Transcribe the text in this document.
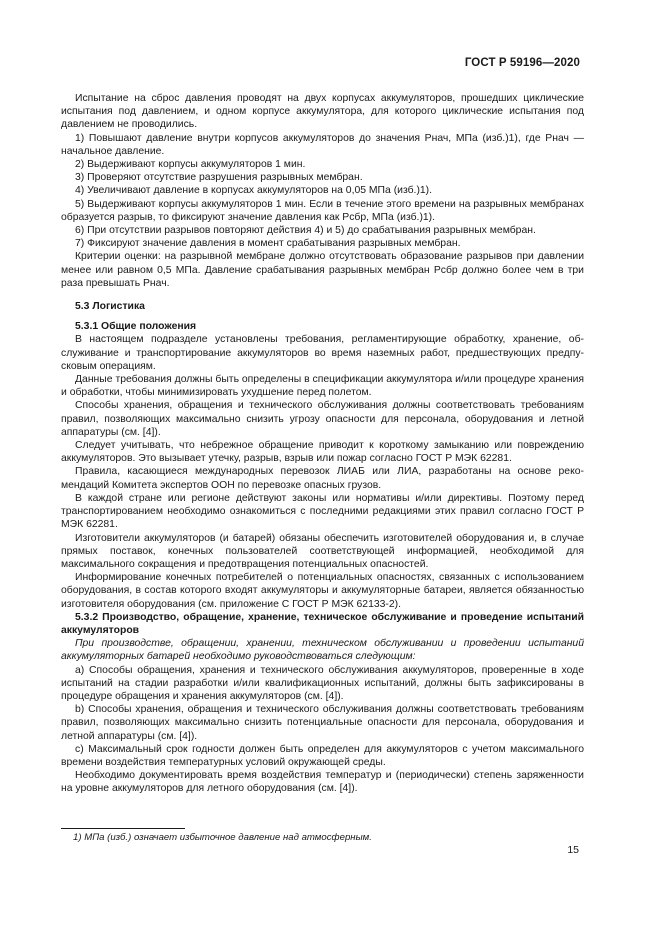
ГОСТ Р 59196—2020

Испытание на сброс давления проводят на двух корпусах аккумуляторов, прошедших циклические испытания под давлением, и одном корпусе аккумулятора, для которого циклические испытания под давлением не проводились.

1) Повышают давление внутри корпусов аккумуляторов до значения Pнач, МПа (изб.)1), где Pнач — начальное давление.

2) Выдерживают корпусы аккумуляторов 1 мин.

3) Проверяют отсутствие разрушения разрывных мембран.

4) Увеличивают давление в корпусах аккумуляторов на 0,05 МПа (изб.)1).

5) Выдерживают корпусы аккумуляторов 1 мин. Если в течение этого времени на разрывных мембранах образуется разрыв, то фиксируют значение давления как Pсбр, МПа (изб.)1).

6) При отсутствии разрывов повторяют действия 4) и 5) до срабатывания разрывных мембран.

7) Фиксируют значение давления в момент срабатывания разрывных мембран.

Критерии оценки: на разрывной мембране должно отсутствовать образование разрывов при давлении менее или равном 0,5 МПа. Давление срабатывания разрывных мембран Pсбр должно более чем в три раза превышать Pнач.

5.3 Логистика

5.3.1 Общие положения

В настоящем подразделе установлены требования, регламентирующие обработку, хранение, обслуживание и транспортирование аккумуляторов во время наземных работ, предшествующих предпусковым операциям.

Данные требования должны быть определены в спецификации аккумулятора и/или процедуре хранения и обработки, чтобы минимизировать ухудшение перед полетом.

Способы хранения, обращения и технического обслуживания должны соответствовать требованиям правил, позволяющих максимально снизить угрозу опасности для персонала, оборудования и летной аппаратуры (см. [4]).

Следует учитывать, что небрежное обращение приводит к короткому замыканию или повреждению аккумуляторов. Это вызывает утечку, разрыв, взрыв или пожар согласно ГОСТ Р МЭК 62281.

Правила, касающиеся международных перевозок ЛИАБ или ЛИА, разработаны на основе рекомендаций Комитета экспертов ООН по перевозке опасных грузов.

В каждой стране или регионе действуют законы или нормативы и/или директивы. Поэтому перед транспортированием необходимо ознакомиться с последними редакциями этих правил согласно ГОСТ Р МЭК 62281.

Изготовители аккумуляторов (и батарей) обязаны обеспечить изготовителей оборудования и, в случае прямых поставок, конечных пользователей соответствующей информацией, необходимой для максимального сокращения и предотвращения потенциальных опасностей.

Информирование конечных потребителей о потенциальных опасностях, связанных с использованием оборудования, в состав которого входят аккумуляторы и аккумуляторные батареи, является обязанностью изготовителя оборудования (см. приложение С ГОСТ Р МЭК 62133-2).

5.3.2 Производство, обращение, хранение, техническое обслуживание и проведение испытаний аккумуляторов

При производстве, обращении, хранении, техническом обслуживании и проведении испытаний аккумуляторных батарей необходимо руководствоваться следующим:

а) Способы обращения, хранения и технического обслуживания аккумуляторов, проверенные в ходе испытаний на стадии разработки и/или квалификационных испытаний, должны быть зафиксированы в процедуре обращения и хранения аккумуляторов (см. [4]).

b) Способы хранения, обращения и технического обслуживания должны соответствовать требованиям правил, позволяющих максимально снизить потенциальные опасности для персонала, оборудования и летной аппаратуры (см. [4]).

с) Максимальный срок годности должен быть определен для аккумуляторов с учетом максимального времени воздействия температурных условий окружающей среды.

Необходимо документировать время воздействия температур и (периодически) степень заряженности на уровне аккумуляторов для летного оборудования (см. [4]).

1) МПа (изб.) означает избыточное давление над атмосферным.
15
